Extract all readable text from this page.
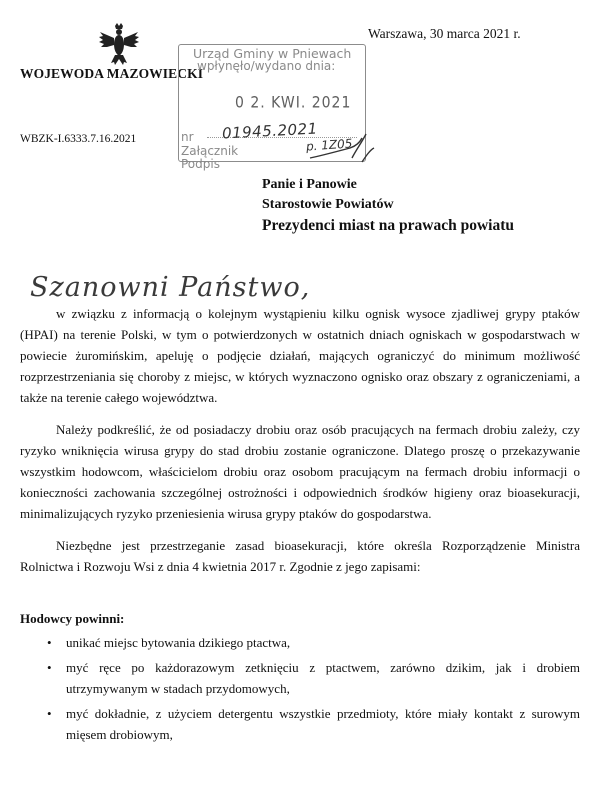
WOJEWODA MAZOWIECKI
Warszawa, 30 marca 2021 r.
WBZK-I.6333.7.16.2021
Urząd Gminy w Pniewach
wpłynęło/wydano dnia:
0 2. KWI. 2021
nr
Załącznik
Podpis
01945.2021
p. 1Z05
Panie i Panowie
Starostowie Powiatów
Prezydenci miast na prawach powiatu
Szanowni Państwo,

w związku z informacją o kolejnym wystąpieniu kilku ognisk wysoce zjadliwej grypy ptaków (HPAI) na terenie Polski, w tym o potwierdzonych w ostatnich dniach ogniskach w gospodarstwach w powiecie żuromińskim, apeluję o podjęcie działań, mających ograniczyć do minimum możliwość rozprzestrzeniania się choroby z miejsc, w których wyznaczono ognisko oraz obszary z ograniczeniami, a także na terenie całego województwa.

Należy podkreślić, że od posiadaczy drobiu oraz osób pracujących na fermach drobiu zależy, czy ryzyko wniknięcia wirusa grypy do stad drobiu zostanie ograniczone. Dlatego proszę o przekazywanie wszystkim hodowcom, właścicielom drobiu oraz osobom pracującym na fermach drobiu informacji o konieczności zachowania szczególnej ostrożności i odpowiednich środków higieny oraz bioasekuracji, minimalizujących ryzyko przeniesienia wirusa grypy ptaków do gospodarstwa.

Niezbędne jest przestrzeganie zasad bioasekuracji, które określa Rozporządzenie Ministra Rolnictwa i Rozwoju Wsi z dnia 4 kwietnia 2017 r. Zgodnie z jego zapisami:

Hodowcy powinni:

• unikać miejsc bytowania dzikiego ptactwa,
• myć ręce po każdorazowym zetknięciu z ptactwem, zarówno dzikim, jak i drobiem utrzymywanym w stadach przydomowych,
• myć dokładnie, z użyciem detergentu wszystkie przedmioty, które miały kontakt z surowym mięsem drobiowym,
